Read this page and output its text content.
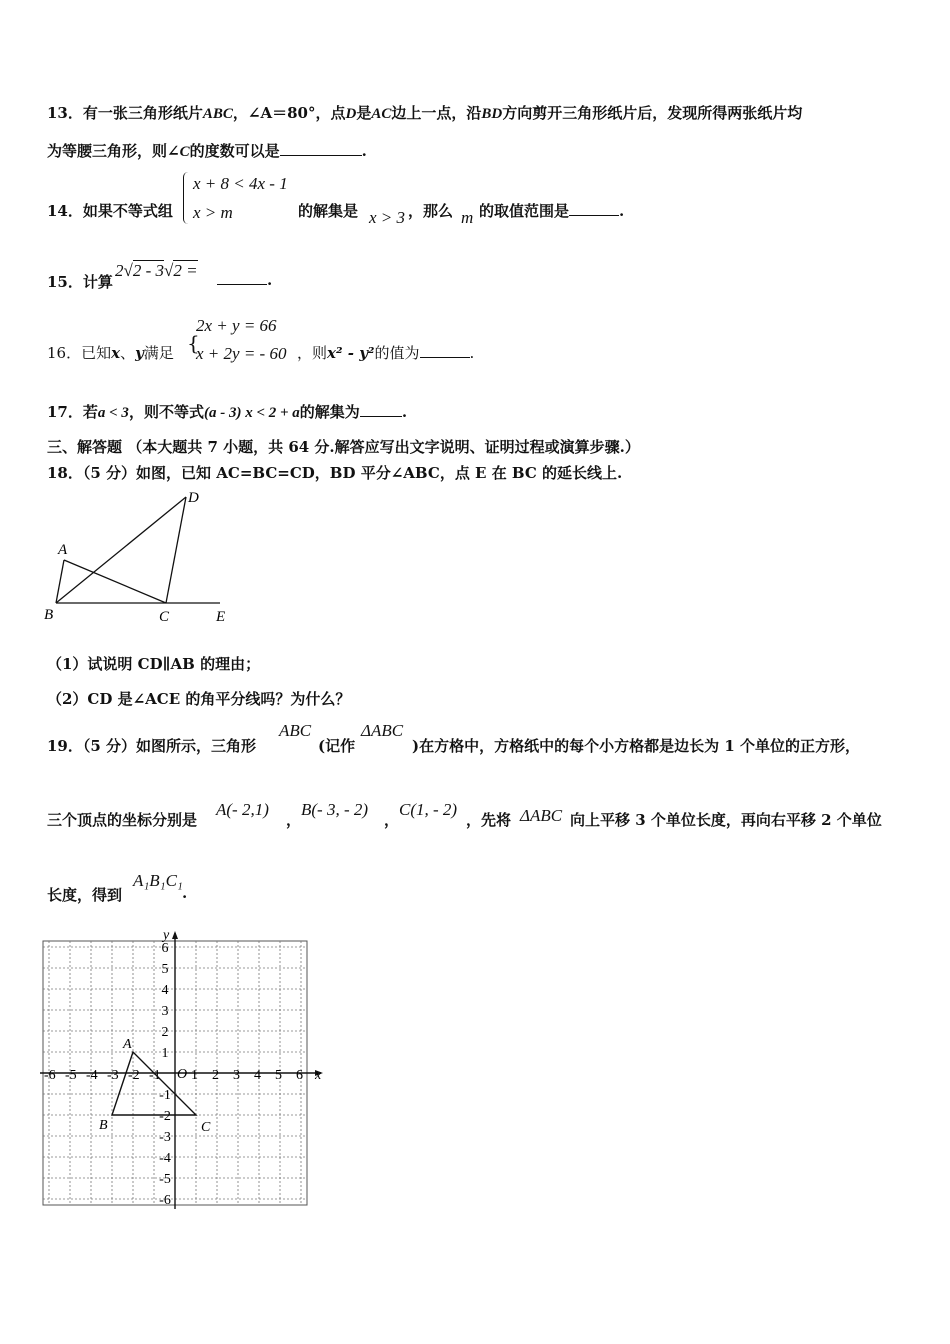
13．有一张三角形纸片ABC，∠A＝80°，点D是AC边上一点，沿BD方向剪开三角形纸片后，发现所得两张纸片均
为等腰三角形，则∠C的度数可以是	.
14．如果不等式组
x + 8 < 4x - 1
x > m	的解集是 x > 3 ，那么 m 的取值范围是	.
15．计算
2√2 - 3√2 =	.
16．已知x、y满足 {
2x + y = 66
x + 2y = - 60 ，则x² - y²的值为	.
17．若a < 3，则不等式(a - 3) x < 2 + a的解集为	.
三、解答题 （本大题共 7 小题，共 64 分.解答应写出文字说明、证明过程或演算步骤.）
18．（5 分）如图，已知 AC=BC=CD，BD 平分∠ABC，点 E 在 BC 的延长线上.
A
B	C
D
E
（1）试说明 CD∥AB 的理由；
（2）CD 是∠ACE 的角平分线吗？为什么？
19．（5 分）如图所示，三角形
ABC
(记作
ΔABC
)在方格中，方格纸中的每个小方格都是边长为 1 个单位的正方形，
三个顶点的坐标分别是
A(- 2,1)
，
B(- 3, - 2)
，
C(1, - 2)
，先将 ΔABC 向上平移 3 个单位长度，再向右平移 2 个单位
长度，得到
A₁B₁C₁
.
x
y
O
-6 -5 -4 -3 -2 -1 1 2 3 4 5 6
6
5
4
3
2
1
-1
-2
-3
-4
-5
-6
A
B	C
